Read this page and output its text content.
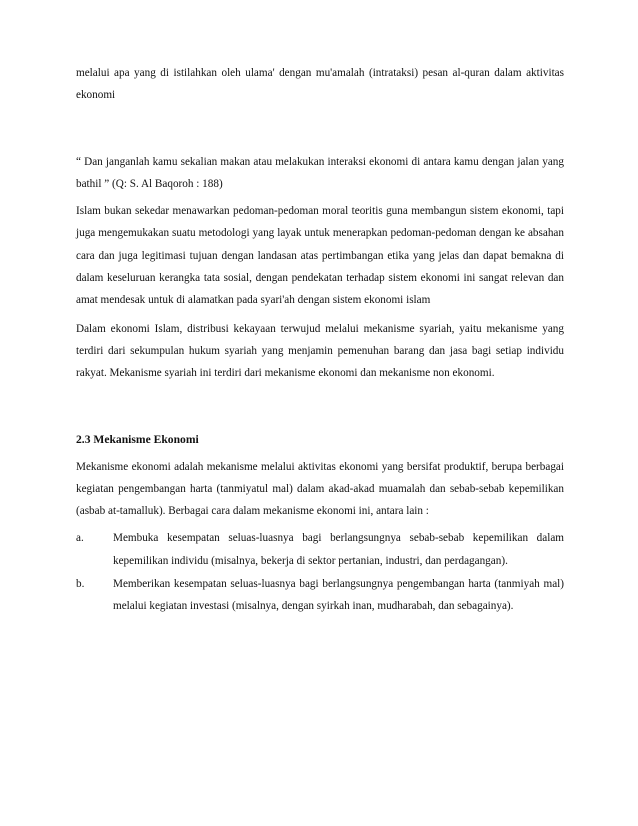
melalui apa yang di istilahkan oleh ulama' dengan mu'amalah (intrataksi) pesan al-quran dalam aktivitas ekonomi

“ Dan janganlah kamu sekalian makan atau melakukan interaksi ekonomi di antara kamu dengan jalan yang bathil ” (Q: S. Al Baqoroh : 188)

Islam bukan sekedar menawarkan pedoman-pedoman moral teoritis guna membangun sistem ekonomi, tapi juga mengemukakan suatu metodologi yang layak untuk menerapkan pedoman-pedoman dengan ke absahan cara dan juga legitimasi tujuan dengan landasan atas pertimbangan etika yang jelas dan dapat bemakna di dalam keseluruan kerangka tata sosial, dengan pendekatan terhadap sistem ekonomi ini sangat relevan dan amat mendesak untuk di alamatkan pada syari'ah dengan sistem ekonomi islam

Dalam ekonomi Islam, distribusi kekayaan terwujud melalui mekanisme syariah, yaitu mekanisme yang terdiri dari sekumpulan hukum syariah yang menjamin pemenuhan barang dan jasa bagi setiap individu rakyat. Mekanisme syariah ini terdiri dari mekanisme ekonomi dan mekanisme non ekonomi.

2.3 Mekanisme Ekonomi

Mekanisme ekonomi adalah mekanisme melalui aktivitas ekonomi yang bersifat produktif, berupa berbagai kegiatan pengembangan harta (tanmiyatul mal) dalam akad-akad muamalah dan sebab-sebab kepemilikan (asbab at-tamalluk). Berbagai cara dalam mekanisme ekonomi ini, antara lain :

a.	Membuka kesempatan seluas-luasnya bagi berlangsungnya sebab-sebab kepemilikan dalam kepemilikan individu (misalnya, bekerja di sektor pertanian, industri, dan perdagangan).

b.	Memberikan kesempatan seluas-luasnya bagi berlangsungnya pengembangan harta (tanmiyah mal) melalui kegiatan investasi (misalnya, dengan syirkah inan, mudharabah, dan sebagainya).
